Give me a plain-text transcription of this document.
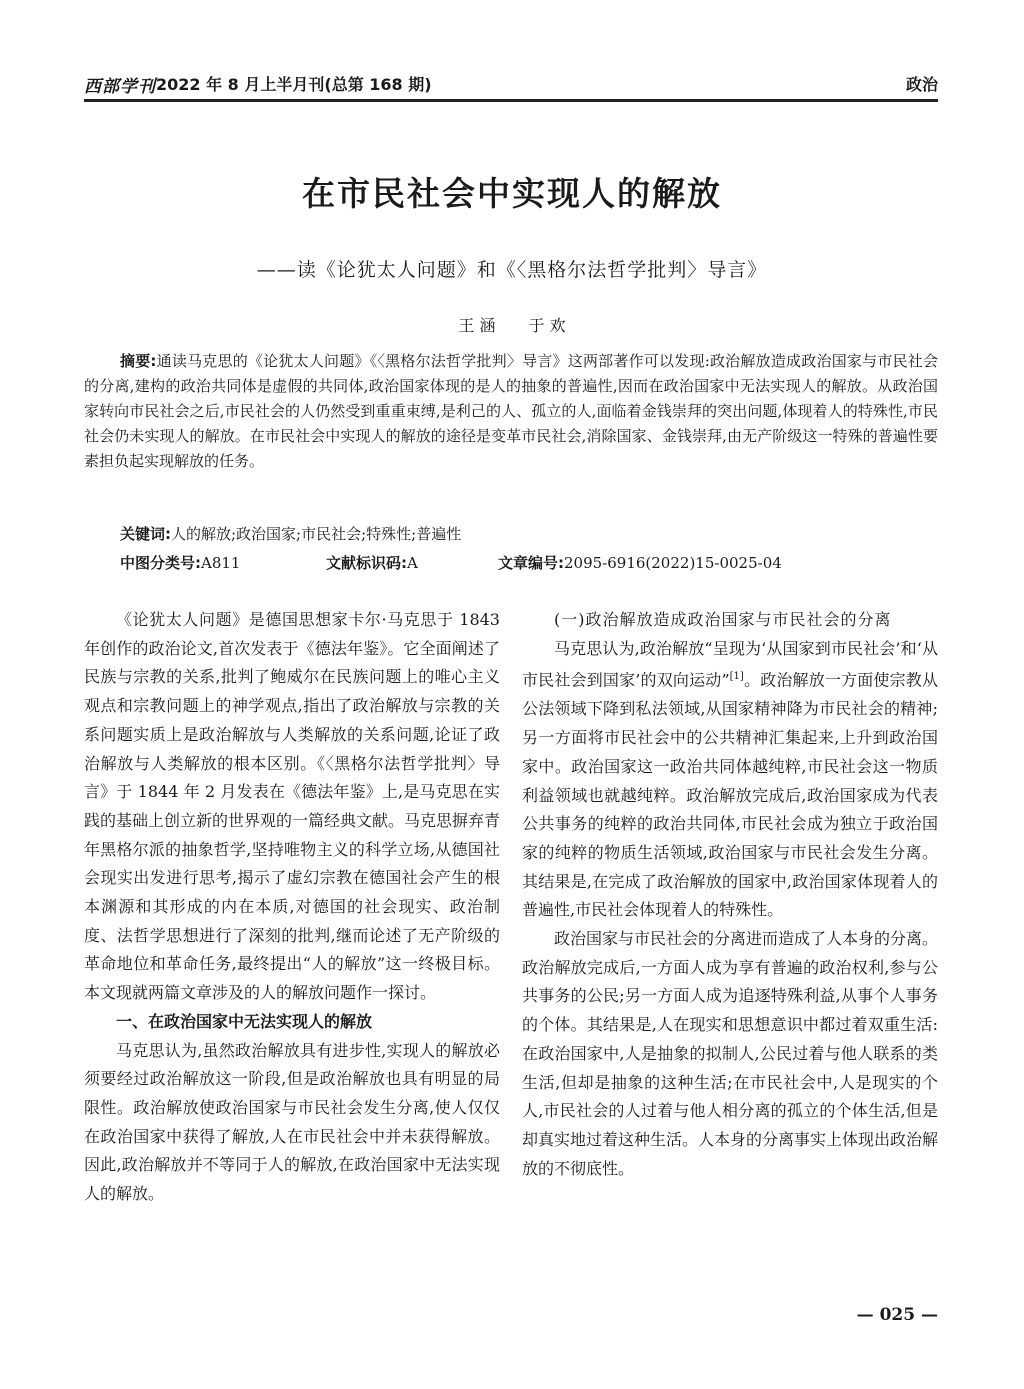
西部学刊 2022 年 8 月上半月刊(总第 168 期)	政治
在市民社会中实现人的解放
——读《论犹太人问题》和《〈黑格尔法哲学批判〉导言》
王 涵 于 欢
摘要:通读马克思的《论犹太人问题》《〈黑格尔法哲学批判〉导言》这两部著作可以发现:政治解放造成政治国家与市民社会的分离,建构的政治共同体是虚假的共同体,政治国家体现的是人的抽象的普遍性,因而在政治国家中无法实现人的解放。从政治国家转向市民社会之后,市民社会的人仍然受到重重束缚,是利己的人、孤立的人,面临着金钱崇拜的突出问题,体现着人的特殊性,市民社会仍未实现人的解放。在市民社会中实现人的解放的途径是变革市民社会,消除国家、金钱崇拜,由无产阶级这一特殊的普遍性要素担负起实现解放的任务。
关键词:人的解放;政治国家;市民社会;特殊性;普遍性
中图分类号:A811	文献标识码:A	文章编号:2095-6916(2022)15-0025-04

《论犹太人问题》是德国思想家卡尔·马克思于 1843 年创作的政治论文,首次发表于《德法年鉴》。它全面阐述了民族与宗教的关系,批判了鲍威尔在民族问题上的唯心主义观点和宗教问题上的神学观点,指出了政治解放与宗教的关系问题实质上是政治解放与人类解放的关系问题,论证了政治解放与人类解放的根本区别。《〈黑格尔法哲学批判〉导言》于 1844 年 2 月发表在《德法年鉴》上,是马克思在实践的基础上创立新的世界观的一篇经典文献。马克思摒弃青年黑格尔派的抽象哲学,坚持唯物主义的科学立场,从德国社会现实出发进行思考,揭示了虚幻宗教在德国社会产生的根本渊源和其形成的内在本质,对德国的社会现实、政治制度、法哲学思想进行了深刻的批判,继而论述了无产阶级的革命地位和革命任务,最终提出“人的解放”这一终极目标。本文现就两篇文章涉及的人的解放问题作一探讨。

一、在政治国家中无法实现人的解放

马克思认为,虽然政治解放具有进步性,实现人的解放必须要经过政治解放这一阶段,但是政治解放也具有明显的局限性。政治解放使政治国家与市民社会发生分离,使人仅仅在政治国家中获得了解放,人在市民社会中并未获得解放。因此,政治解放并不等同于人的解放,在政治国家中无法实现人的解放。

(一)政治解放造成政治国家与市民社会的分离

马克思认为,政治解放“呈现为‘从国家到市民社会’和‘从市民社会到国家’的双向运动”[1]。政治解放一方面使宗教从公法领域下降到私法领域,从国家精神降为市民社会的精神;另一方面将市民社会中的公共精神汇集起来,上升到政治国家中。政治国家这一政治共同体越纯粹,市民社会这一物质利益领域也就越纯粹。政治解放完成后,政治国家成为代表公共事务的纯粹的政治共同体,市民社会成为独立于政治国家的纯粹的物质生活领域,政治国家与市民社会发生分离。其结果是,在完成了政治解放的国家中,政治国家体现着人的普遍性,市民社会体现着人的特殊性。

政治国家与市民社会的分离进而造成了人本身的分离。政治解放完成后,一方面人成为享有普遍的政治权利,参与公共事务的公民;另一方面人成为追逐特殊利益,从事个人事务的个体。其结果是,人在现实和思想意识中都过着双重生活:在政治国家中,人是抽象的拟制人,公民过着与他人联系的类生活,但却是抽象的这种生活;在市民社会中,人是现实的个人,市民社会的人过着与他人相分离的孤立的个体生活,但是却真实地过着这种生活。人本身的分离事实上体现出政治解放的不彻底性。

— 025 —
